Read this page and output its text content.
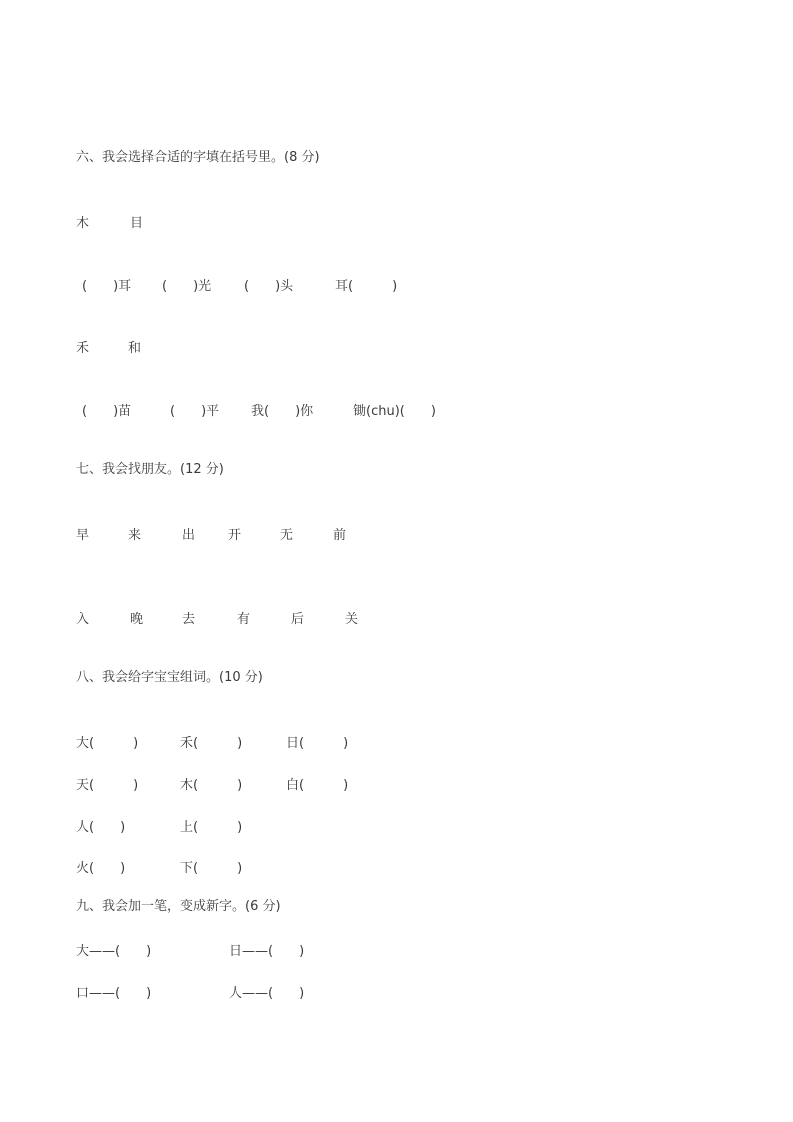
六、我会选择合适的字填在括号里。(8 分)
木	目
(　　)耳 (　　)光	(　　)头	耳(　　　)
禾	和
(　　)苗	(　　)平 我(　　)你	锄(chu)(　　)
七、我会找朋友。(12 分)
早	来	出	开	无	前
入	晚	去	有	后	关
八、我会给字宝宝组词。(10 分)
大(　　　)	禾(　　　)	日(　　　)
天(　　　)	木(　　　)	白(　　　)
人(　　)	上(　　　)
火(　　)	下(　　　)
九、我会加一笔，变成新字。(6 分)
大——(　　)	日——(　　)
口——(　　)	人——(　　)
